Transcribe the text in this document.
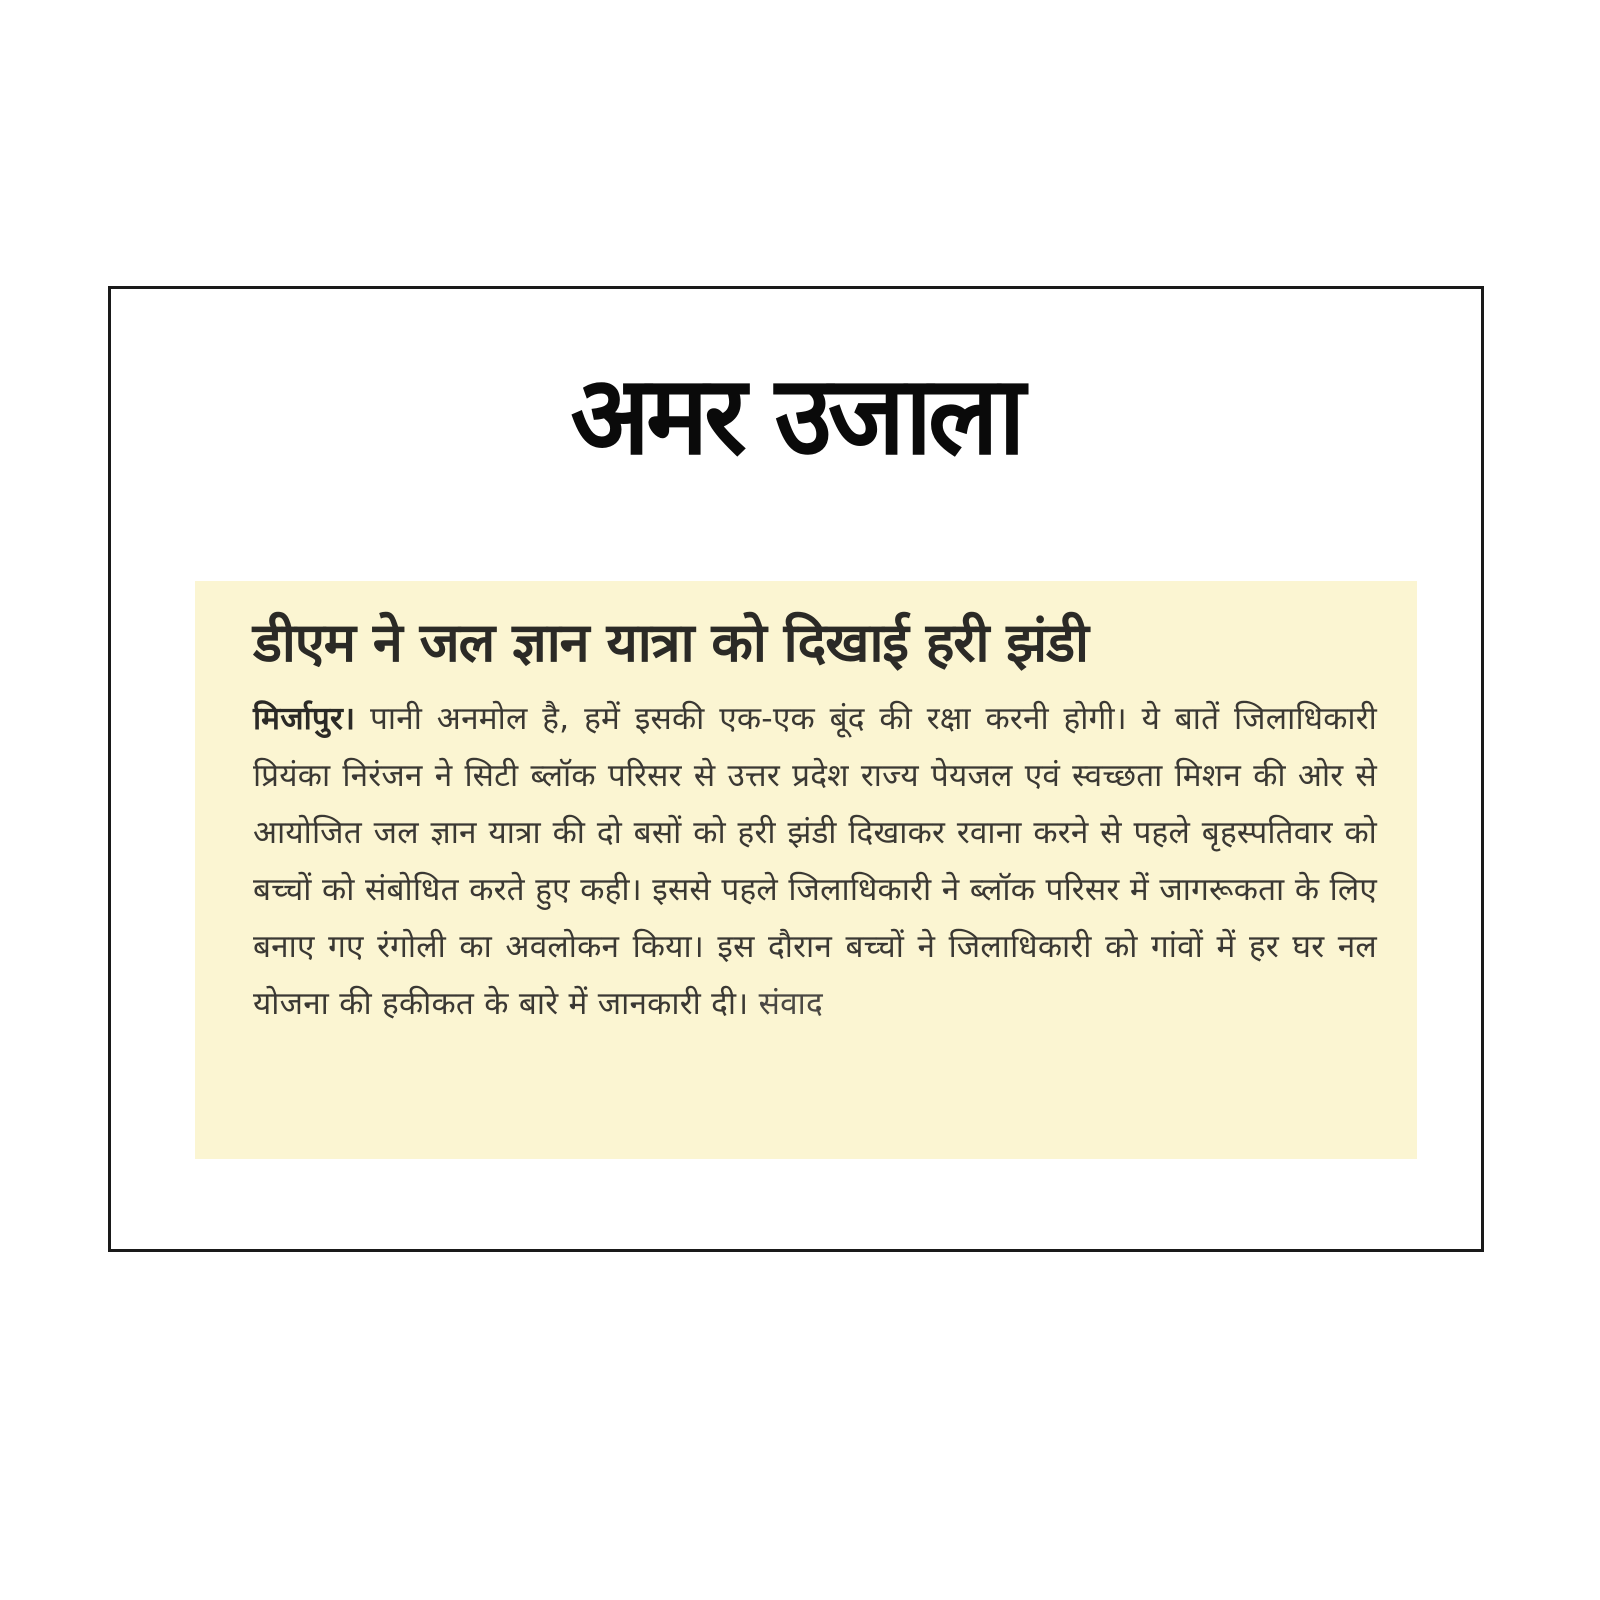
अमर उजाला
डीएम ने जल ज्ञान यात्रा को दिखाई हरी झंडी

मिर्जापुर। पानी अनमोल है, हमें इसकी एक-एक बूंद की रक्षा करनी होगी। ये बातें जिलाधिकारी प्रियंका निरंजन ने सिटी ब्लॉक परिसर से उत्तर प्रदेश राज्य पेयजल एवं स्वच्छता मिशन की ओर से आयोजित जल ज्ञान यात्रा की दो बसों को हरी झंडी दिखाकर रवाना करने से पहले बृहस्पतिवार को बच्चों को संबोधित करते हुए कही। इससे पहले जिलाधिकारी ने ब्लॉक परिसर में जागरूकता के लिए बनाए गए रंगोली का अवलोकन किया। इस दौरान बच्चों ने जिलाधिकारी को गांवों में हर घर नल योजना की हकीकत के बारे में जानकारी दी। संवाद
